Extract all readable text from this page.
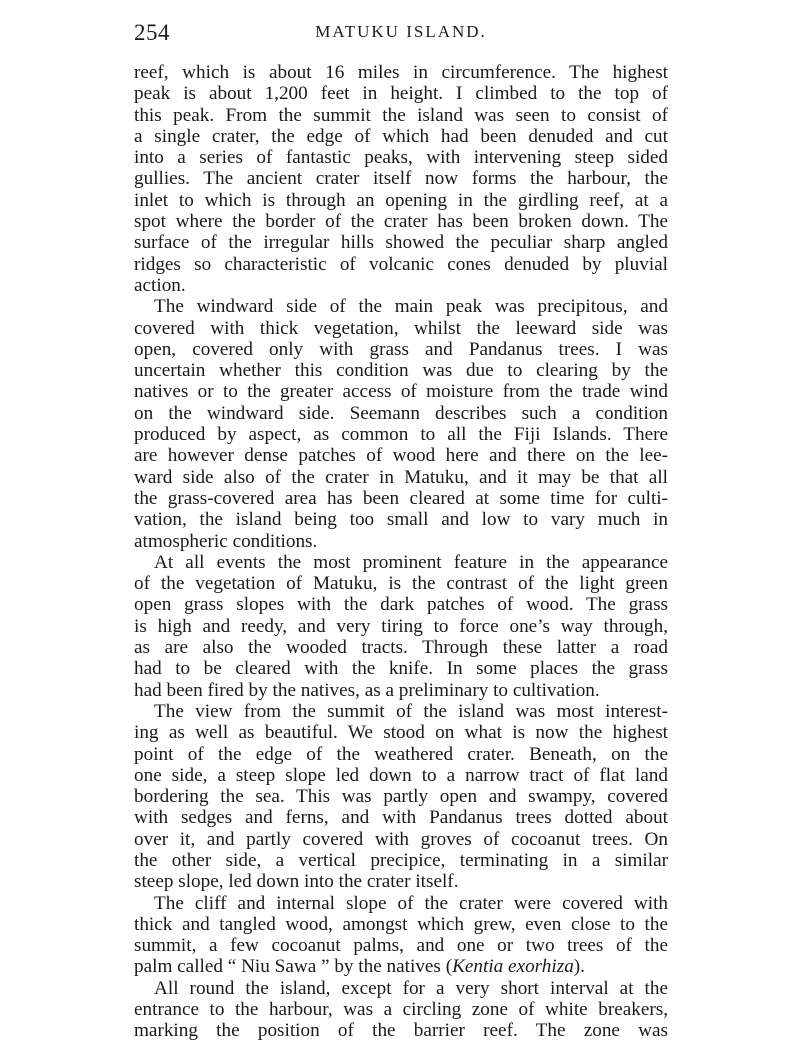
254	MATUKU ISLAND.

reef, which is about 16 miles in circumference. The highest
peak is about 1,200 feet in height. I climbed to the top of
this peak. From the summit the island was seen to consist of
a single crater, the edge of which had been denuded and cut
into a series of fantastic peaks, with intervening steep sided
gullies. The ancient crater itself now forms the harbour, the
inlet to which is through an opening in the girdling reef, at a
spot where the border of the crater has been broken down. The
surface of the irregular hills showed the peculiar sharp angled
ridges so characteristic of volcanic cones denuded by pluvial
action.

The windward side of the main peak was precipitous, and
covered with thick vegetation, whilst the leeward side was
open, covered only with grass and Pandanus trees. I was
uncertain whether this condition was due to clearing by the
natives or to the greater access of moisture from the trade wind
on the windward side. Seemann describes such a condition
produced by aspect, as common to all the Fiji Islands. There
are however dense patches of wood here and there on the lee-
ward side also of the crater in Matuku, and it may be that all
the grass-covered area has been cleared at some time for culti-
vation, the island being too small and low to vary much in
atmospheric conditions.

At all events the most prominent feature in the appearance
of the vegetation of Matuku, is the contrast of the light green
open grass slopes with the dark patches of wood. The grass
is high and reedy, and very tiring to force one’s way through,
as are also the wooded tracts. Through these latter a road
had to be cleared with the knife. In some places the grass
had been fired by the natives, as a preliminary to cultivation.

The view from the summit of the island was most interest-
ing as well as beautiful. We stood on what is now the highest
point of the edge of the weathered crater. Beneath, on the
one side, a steep slope led down to a narrow tract of flat land
bordering the sea. This was partly open and swampy, covered
with sedges and ferns, and with Pandanus trees dotted about
over it, and partly covered with groves of cocoanut trees. On
the other side, a vertical precipice, terminating in a similar
steep slope, led down into the crater itself.

The cliff and internal slope of the crater were covered with
thick and tangled wood, amongst which grew, even close to the
summit, a few cocoanut palms, and one or two trees of the
palm called “ Niu Sawa ” by the natives (Kentia exorhiza).

All round the island, except for a very short interval at the
entrance to the harbour, was a circling zone of white breakers,
marking the position of the barrier reef. The zone was
